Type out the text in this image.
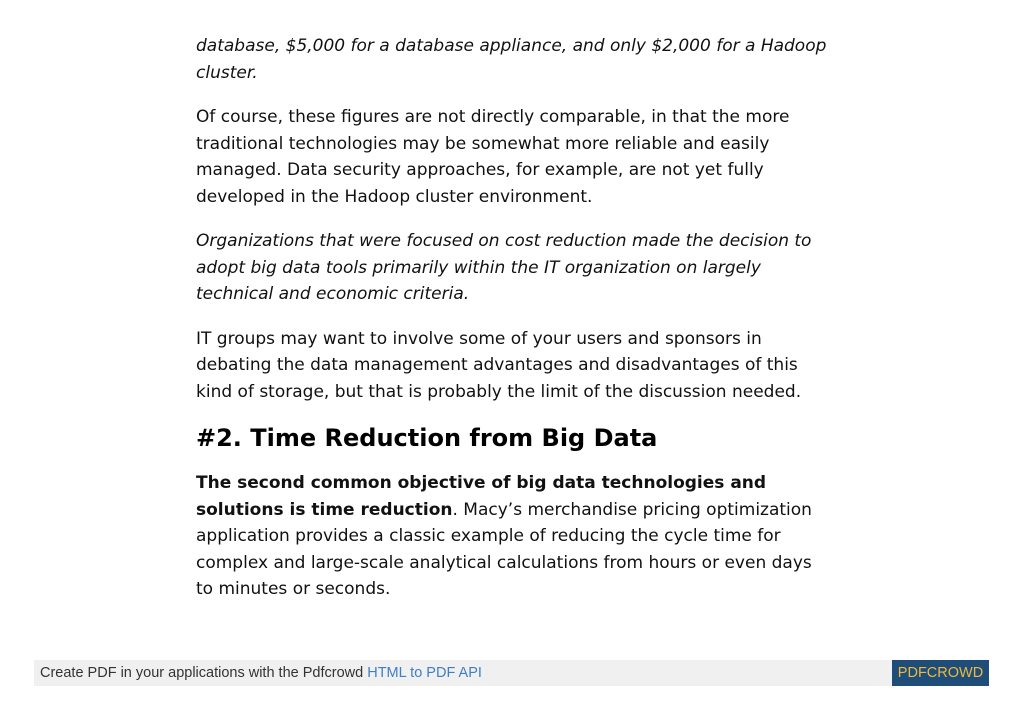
database, $5,000 for a database appliance, and only $2,000 for a Hadoop cluster.

Of course, these figures are not directly comparable, in that the more traditional technologies may be somewhat more reliable and easily managed. Data security approaches, for example, are not yet fully developed in the Hadoop cluster environment.

Organizations that were focused on cost reduction made the decision to adopt big data tools primarily within the IT organization on largely technical and economic criteria.

IT groups may want to involve some of your users and sponsors in debating the data management advantages and disadvantages of this kind of storage, but that is probably the limit of the discussion needed.

#2. Time Reduction from Big Data

The second common objective of big data technologies and solutions is time reduction. Macy’s merchandise pricing optimization application provides a classic example of reducing the cycle time for complex and large-scale analytical calculations from hours or even days to minutes or seconds.

Create PDF in your applications with the Pdfcrowd HTML to PDF API	PDFCROWD
